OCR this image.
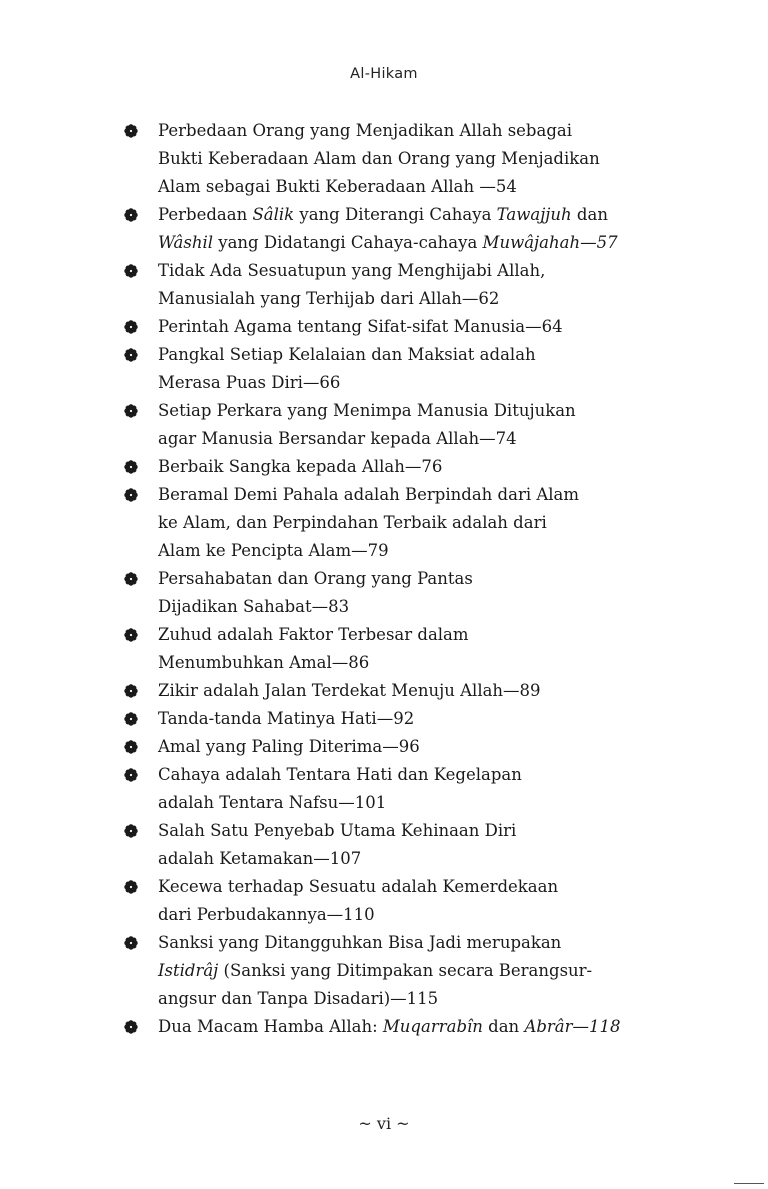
Al-Hikam
Perbedaan Orang yang Menjadikan Allah sebagai
Bukti Keberadaan Alam dan Orang yang Menjadikan
Alam sebagai Bukti Keberadaan Allah —54
Perbedaan Sâlik yang Diterangi Cahaya Tawajjuh dan
Wâshil yang Didatangi Cahaya-cahaya Muwâjahah—57
Tidak Ada Sesuatupun yang Menghijabi Allah,
Manusialah yang Terhijab dari Allah—62
Perintah Agama tentang Sifat-sifat Manusia—64
Pangkal Setiap Kelalaian dan Maksiat adalah
Merasa Puas Diri—66
Setiap Perkara yang Menimpa Manusia Ditujukan
agar Manusia Bersandar kepada Allah—74
Berbaik Sangka kepada Allah—76
Beramal Demi Pahala adalah Berpindah dari Alam
ke Alam, dan Perpindahan Terbaik adalah dari
Alam ke Pencipta Alam—79
Persahabatan dan Orang yang Pantas
Dijadikan Sahabat—83
Zuhud adalah Faktor Terbesar dalam
Menumbuhkan Amal—86
Zikir adalah Jalan Terdekat Menuju Allah—89
Tanda-tanda Matinya Hati—92
Amal yang Paling Diterima—96
Cahaya adalah Tentara Hati dan Kegelapan
adalah Tentara Nafsu—101
Salah Satu Penyebab Utama Kehinaan Diri
adalah Ketamakan—107
Kecewa terhadap Sesuatu adalah Kemerdekaan
dari Perbudakannya—110
Sanksi yang Ditangguhkan Bisa Jadi merupakan
Istidrâj (Sanksi yang Ditimpakan secara Berangsur-
angsur dan Tanpa Disadari)—115
Dua Macam Hamba Allah: Muqarrabîn dan Abrâr—118
~ vi ~
